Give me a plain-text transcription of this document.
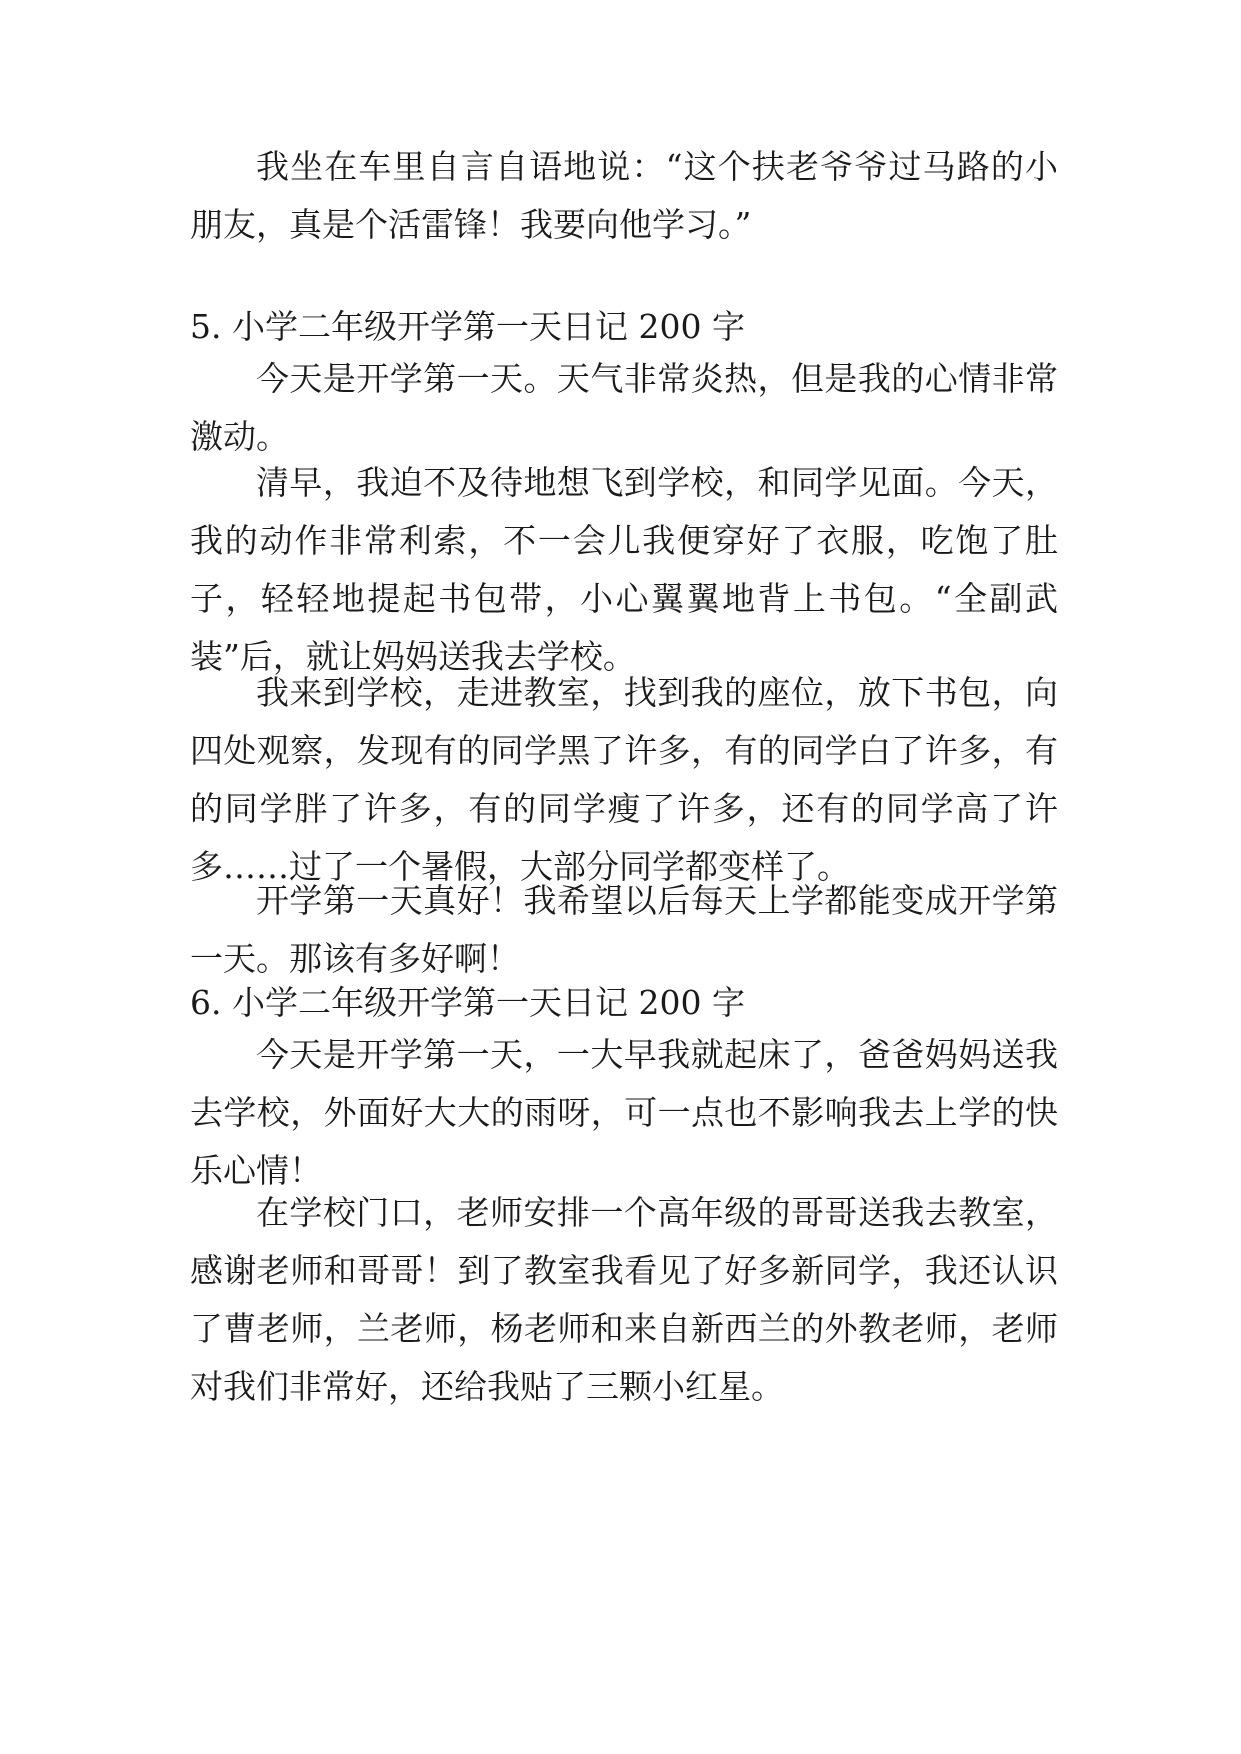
我坐在车里自言自语地说：“这个扶老爷爷过马路的小朋友，真是个活雷锋！我要向他学习。”

5. 小学二年级开学第一天日记 200 字

今天是开学第一天。天气非常炎热，但是我的心情非常激动。

清早，我迫不及待地想飞到学校，和同学见面。今天，我的动作非常利索，不一会儿我便穿好了衣服，吃饱了肚子，轻轻地提起书包带，小心翼翼地背上书包。“全副武装”后，就让妈妈送我去学校。

我来到学校，走进教室，找到我的座位，放下书包，向四处观察，发现有的同学黑了许多，有的同学白了许多，有的同学胖了许多，有的同学瘦了许多，还有的同学高了许多……过了一个暑假，大部分同学都变样了。

开学第一天真好！我希望以后每天上学都能变成开学第一天。那该有多好啊！

6. 小学二年级开学第一天日记 200 字

今天是开学第一天，一大早我就起床了，爸爸妈妈送我去学校，外面好大大的雨呀，可一点也不影响我去上学的快乐心情！

在学校门口，老师安排一个高年级的哥哥送我去教室，感谢老师和哥哥！到了教室我看见了好多新同学，我还认识了曹老师，兰老师，杨老师和来自新西兰的外教老师，老师对我们非常好，还给我贴了三颗小红星。
